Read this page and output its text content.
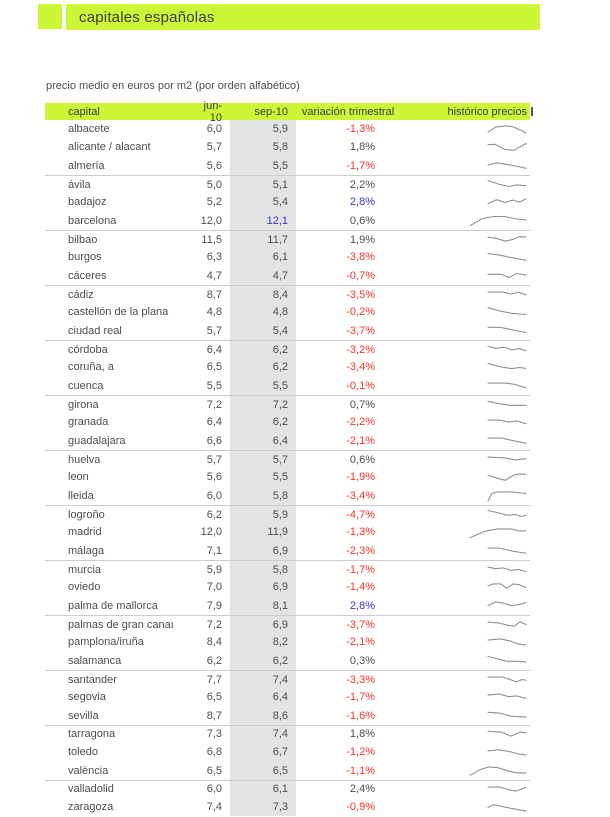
capitales españolas
precio medio en euros por m2 (por orden alfabético)
capital	jun-10	sep-10	variación trimestral	histórico precios
albacete	6,0	5,9	-1,3%
alicante / alacant	5,7	5,8	1,8%
almería	5,6	5,5	-1,7%
ávila	5,0	5,1	2,2%
badajoz	5,2	5,4	2,8%
barcelona	12,0	12,1	0,6%
bilbao	11,5	11,7	1,9%
burgos	6,3	6,1	-3,8%
cáceres	4,7	4,7	-0,7%
cádiz	8,7	8,4	-3,5%
castellón de la plana	4,8	4,8	-0,2%
ciudad real	5,7	5,4	-3,7%
córdoba	6,4	6,2	-3,2%
coruña, a	6,5	6,2	-3,4%
cuenca	5,5	5,5	-0,1%
girona	7,2	7,2	0,7%
granada	6,4	6,2	-2,2%
guadalajara	6,6	6,4	-2,1%
huelva	5,7	5,7	0,6%
leon	5,6	5,5	-1,9%
lleida	6,0	5,8	-3,4%
logroño	6,2	5,9	-4,7%
madrid	12,0	11,9	-1,3%
málaga	7,1	6,9	-2,3%
murcia	5,9	5,8	-1,7%
oviedo	7,0	6,9	-1,4%
palma de mallorca	7,9	8,1	2,8%
palmas de gran canaı	7,2	6,9	-3,7%
pamplona/iruña	8,4	8,2	-2,1%
salamanca	6,2	6,2	0,3%
santander	7,7	7,4	-3,3%
segovia	6,5	6,4	-1,7%
sevilla	8,7	8,6	-1,6%
tarragona	7,3	7,4	1,8%
toledo	6,8	6,7	-1,2%
valència	6,5	6,5	-1,1%
valladolid	6,0	6,1	2,4%
zaragoza	7,4	7,3	-0,9%
